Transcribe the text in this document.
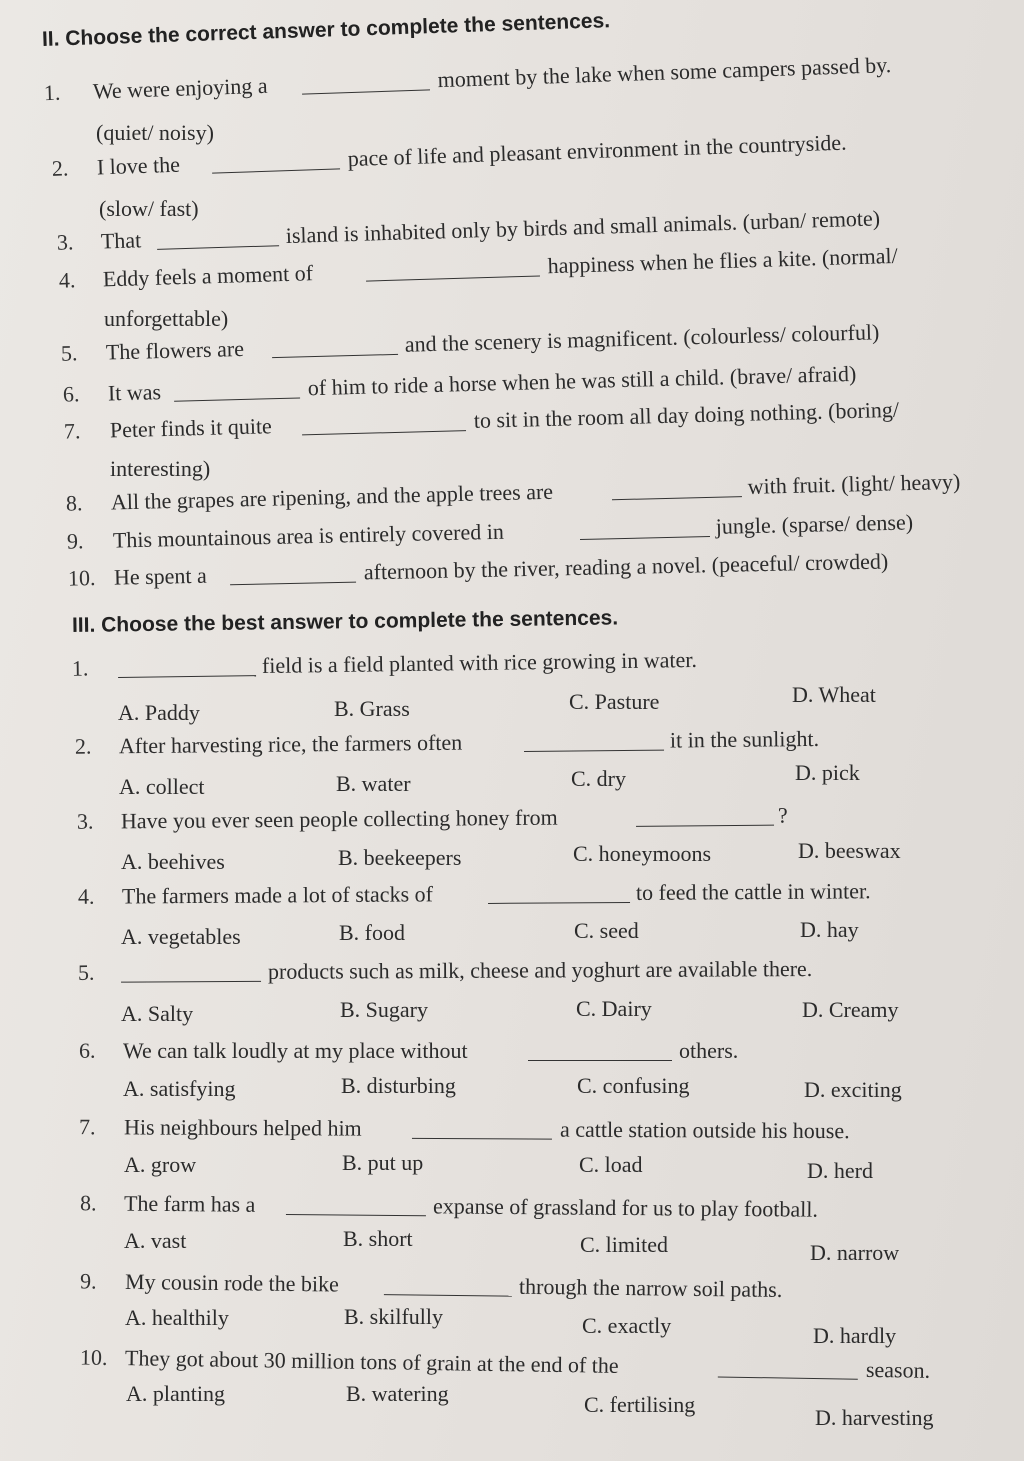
II. Choose the correct answer to complete the sentences.
1. We were enjoying a	moment by the lake when some campers passed by.
(quiet/ noisy)
2. I love the	pace of life and pleasant environment in the countryside.
(slow/ fast)
3. That	island is inhabited only by birds and small animals. (urban/ remote)
4. Eddy feels a moment of	happiness when he flies a kite. (normal/
unforgettable)
5. The flowers are	and the scenery is magnificent. (colourless/ colourful)
6. It was	of him to ride a horse when he was still a child. (brave/ afraid)
7. Peter finds it quite	to sit in the room all day doing nothing. (boring/
interesting)
8. All the grapes are ripening, and the apple trees are	with fruit. (light/ heavy)
9. This mountainous area is entirely covered in	jungle. (sparse/ dense)
10. He spent a	afternoon by the river, reading a novel. (peaceful/ crowded)
III. Choose the best answer to complete the sentences.
1.	field is a field planted with rice growing in water.
A. Paddy	B. Grass	C. Pasture	D. Wheat
2. After harvesting rice, the farmers often	it in the sunlight.
A. collect	B. water	C. dry	D. pick
3. Have you ever seen people collecting honey from	?
A. beehives	B. beekeepers	C. honeymoons	D. beeswax
4. The farmers made a lot of stacks of	to feed the cattle in winter.
A. vegetables	B. food	C. seed	D. hay
5.	products such as milk, cheese and yoghurt are available there.
A. Salty	B. Sugary	C. Dairy	D. Creamy
6. We can talk loudly at my place without	others.
A. satisfying	B. disturbing	C. confusing	D. exciting
7. His neighbours helped him	a cattle station outside his house.
A. grow	B. put up	C. load	D. herd
8. The farm has a	expanse of grassland for us to play football.
A. vast	B. short	C. limited	D. narrow
9. My cousin rode the bike	through the narrow soil paths.
A. healthily	B. skilfully	C. exactly	D. hardly
10. They got about 30 million tons of grain at the end of the	season.
A. planting	B. watering	C. fertilising
D. harvesting
